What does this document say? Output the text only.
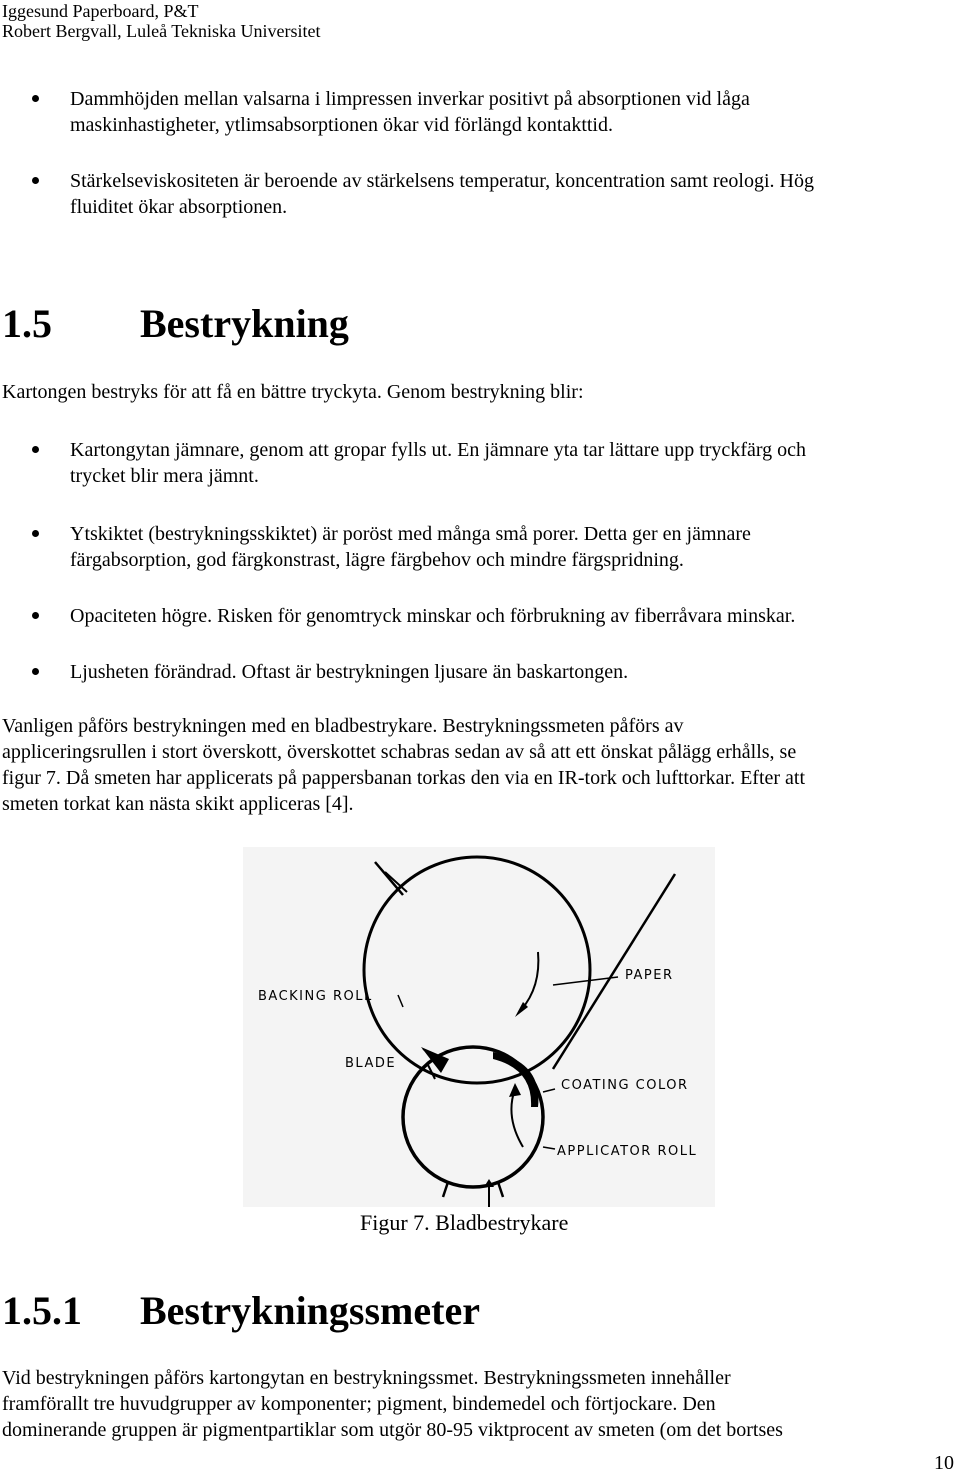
Iggesund Paperboard, P&T
Robert Bergvall, Luleå Tekniska Universitet
Dammhöjden mellan valsarna i limpressen inverkar positivt på absorptionen vid låga
maskinhastigheter, ytlimsabsorptionen ökar vid förlängd kontakttid.
Stärkelseviskositeten är beroende av stärkelsens temperatur, koncentration samt reologi. Hög
fluiditet ökar absorptionen.
1.5 Bestrykning
Kartongen bestryks för att få en bättre tryckyta. Genom bestrykning blir:
Kartongytan jämnare, genom att gropar fylls ut. En jämnare yta tar lättare upp tryckfärg och
trycket blir mera jämnt.
Ytskiktet (bestrykningsskiktet) är poröst med många små porer. Detta ger en jämnare
färgabsorption, god färgkonstrast, lägre färgbehov och mindre färgspridning.
Opaciteten högre. Risken för genomtryck minskar och förbrukning av fiberråvara minskar.
Ljusheten förändrad. Oftast är bestrykningen ljusare än baskartongen.
Vanligen påförs bestrykningen med en bladbestrykare. Bestrykningssmeten påförs av
appliceringsrullen i stort överskott, överskottet schabras sedan av så att ett önskat pålägg erhålls, se
figur 7. Då smeten har applicerats på pappersbanan torkas den via en IR-tork och lufttorkar. Efter att
smeten torkat kan nästa skikt appliceras [4].
PAPER
BACKING ROLL
BLADE
COATING COLOR
APPLICATOR ROLL
Figur 7. Bladbestrykare
1.5.1 Bestrykningssmeter
Vid bestrykningen påförs kartongytan en bestrykningssmet. Bestrykningssmeten innehåller
framförallt tre huvudgrupper av komponenter; pigment, bindemedel och förtjockare. Den
dominerande gruppen är pigmentpartiklar som utgör 80-95 viktprocent av smeten (om det bortses
10
